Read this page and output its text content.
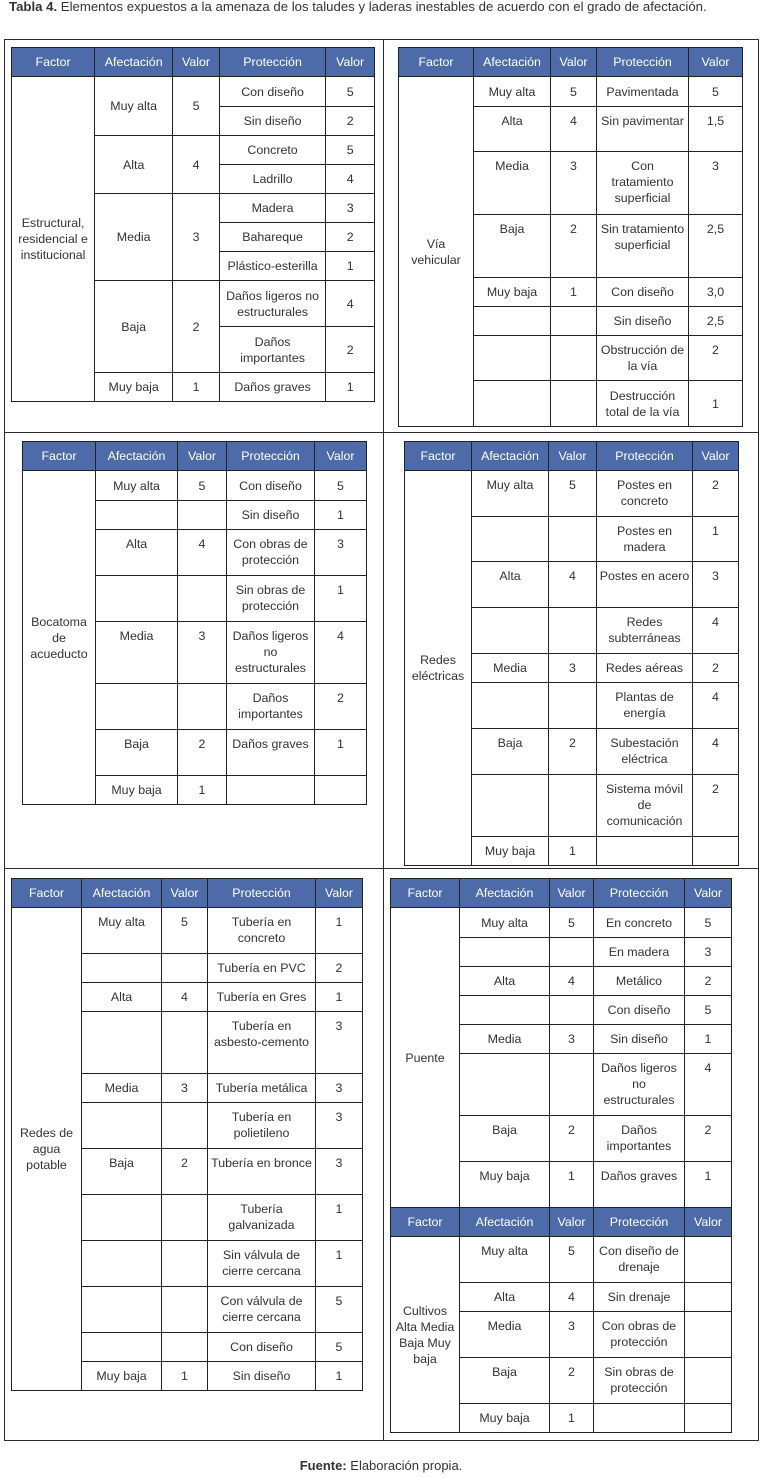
Tabla 4. Elementos expuestos a la amenaza de los taludes y laderas inestables de acuerdo con el grado de afectación.
Factor	Afectación	Valor	Protección	Valor
Estructural, residencial e institucional	Muy alta	5	Con diseño	5
			Sin diseño	2
	Alta	4	Concreto	5
			Ladrillo	4
	Media	3	Madera	3
			Bahareque	2
			Plástico-esterilla	1
	Baja	2	Daños ligeros no estructurales	4
			Daños importantes	2
	Muy baja	1	Daños graves	1
Factor	Afectación	Valor	Protección	Valor
Vía vehicular	Muy alta	5	Pavimentada	5
	Alta	4	Sin pavimentar	1,5
	Media	3	Con tratamiento superficial	3
	Baja	2	Sin tratamiento superficial	2,5
	Muy baja	1	Con diseño	3,0
			Sin diseño	2,5
			Obstrucción de la vía	2
			Destrucción total de la vía	1
Factor	Afectación	Valor	Protección	Valor
Bocatoma de acueducto	Muy alta	5	Con diseño	5
			Sin diseño	1
	Alta	4	Con obras de protección	3
			Sin obras de protección	1
	Media	3	Daños ligeros no estructurales	4
			Daños importantes	2
	Baja	2	Daños graves	1
	Muy baja	1		
Factor	Afectación	Valor	Protección	Valor
Redes eléctricas	Muy alta	5	Postes en concreto	2
			Postes en madera	1
	Alta	4	Postes en acero	3
			Redes subterráneas	4
	Media	3	Redes aéreas	2
			Plantas de energía	4
	Baja	2	Subestación eléctrica	4
			Sistema móvil de comunicación	2
	Muy baja	1		
Factor	Afectación	Valor	Protección	Valor
Redes de agua potable	Muy alta	5	Tubería en concreto	1
			Tubería en PVC	2
	Alta	4	Tubería en Gres	1
			Tubería en asbesto-cemento	3
	Media	3	Tubería metálica	3
			Tubería en polietileno	3
	Baja	2	Tubería en bronce	3
			Tubería galvanizada	1
			Sin válvula de cierre cercana	1
			Con válvula de cierre cercana	5
			Con diseño	5
	Muy baja	1	Sin diseño	1
Factor	Afectación	Valor	Protección	Valor
Puente	Muy alta	5	En concreto	5
			En madera	3
	Alta	4	Metálico	2
			Con diseño	5
	Media	3	Sin diseño	1
			Daños ligeros no estructurales	4
	Baja	2	Daños importantes	2
	Muy baja	1	Daños graves	1
Factor	Afectación	Valor	Protección	Valor
Cultivos Alta Media Baja Muy baja	Muy alta	5	Con diseño de drenaje	
	Alta	4	Sin drenaje	
	Media	3	Con obras de protección	
	Baja	2	Sin obras de protección	
	Muy baja	1		
Fuente: Elaboración propia.
